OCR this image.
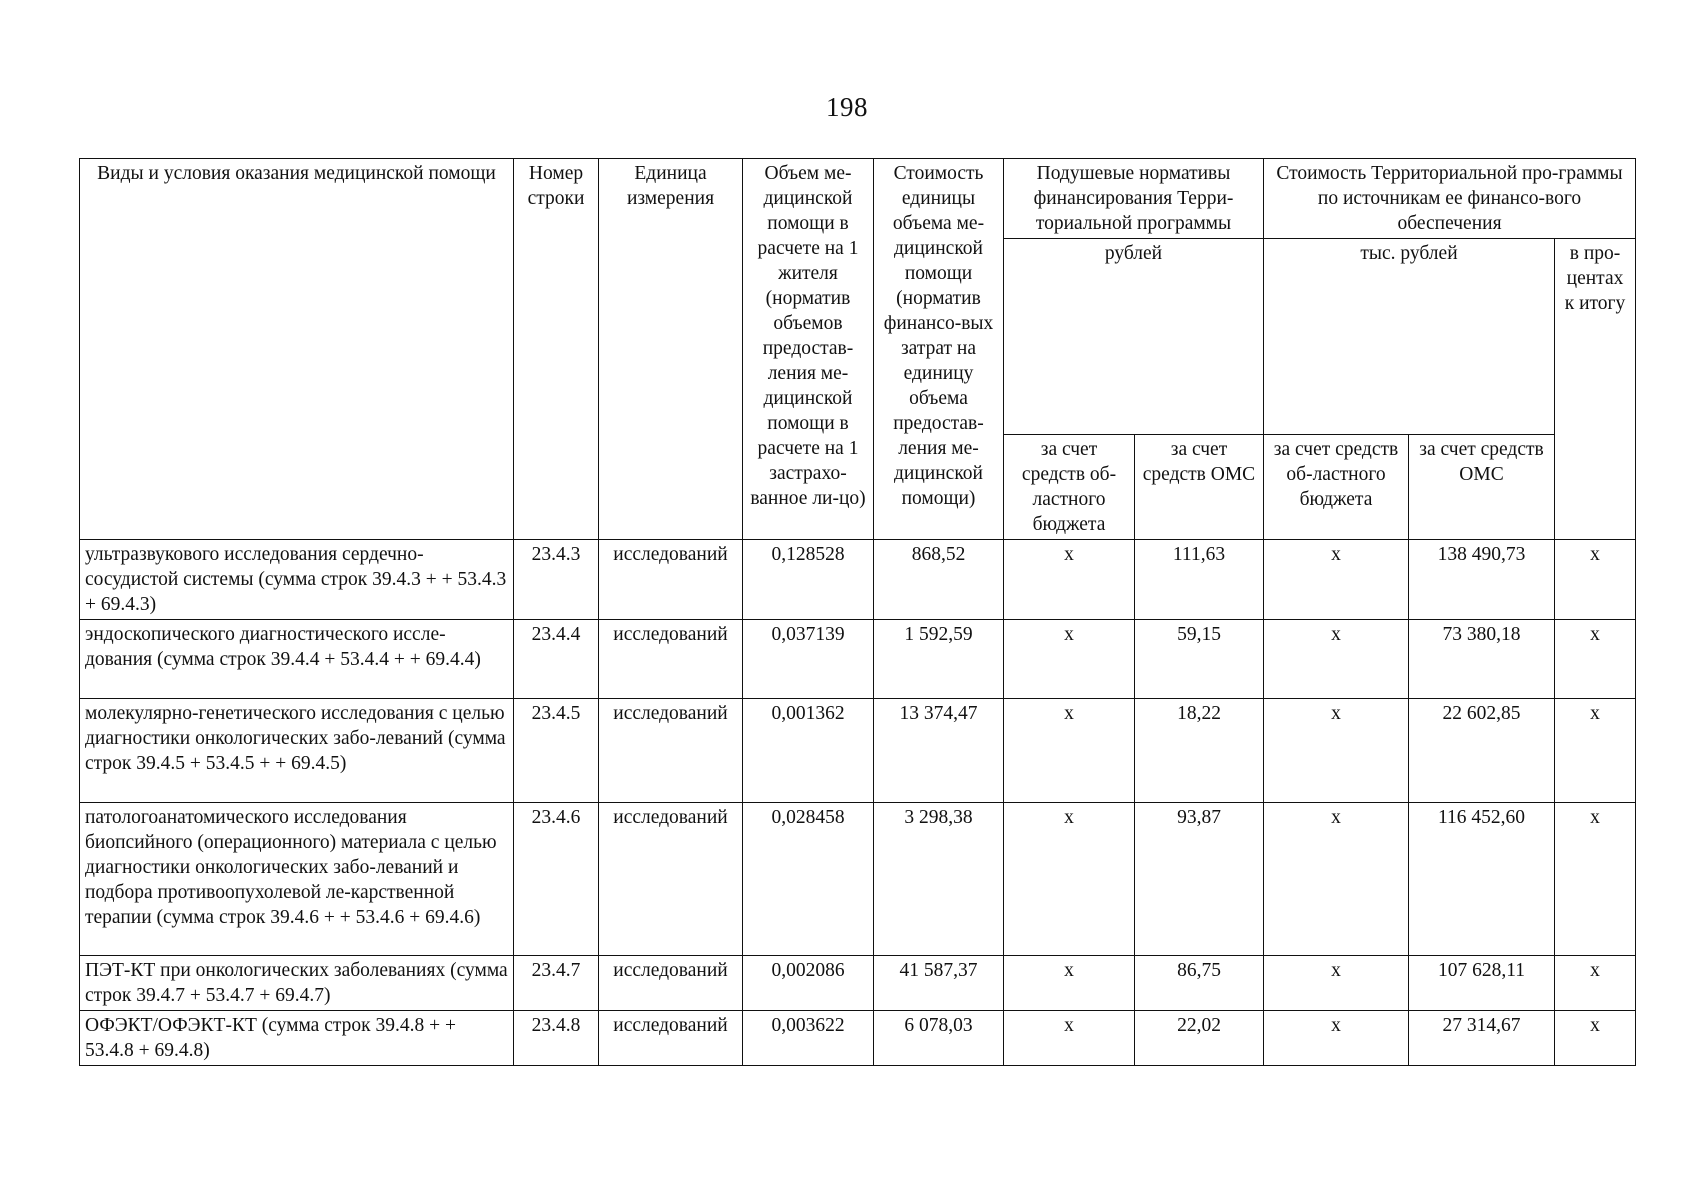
198
Виды и условия оказания медицинской помощи	Номер строки	Единица измерения	Объем ме-дицинской помощи в расчете на 1 жителя (норматив объемов предостав-ления ме-дицинской помощи в расчете на 1 застрахо-ванное ли-цо)	Стоимость единицы объема ме-дицинской помощи (норматив финансо-вых затрат на единицу объема предостав-ления ме-дицинской помощи)	Подушевые нормативы финансирования Терри-ториальной программы		Стоимость Территориальной про-граммы по источникам ее финансо-вого обеспечения		
					рублей		тыс. рублей		в про-центах к итогу
					за счет средств об-ластного бюджета	за счет средств ОМС	за счет средств об-ластного бюджета	за счет средств ОМС	
ультразвукового исследования сердечно-сосудистой системы (сумма строк 39.4.3 + + 53.4.3 + 69.4.3)	23.4.3	исследований	0,128528	868,52	х	111,63	х	138 490,73	х
эндоскопического диагностического иссле-дования (сумма строк 39.4.4 + 53.4.4 + + 69.4.4)	23.4.4	исследований	0,037139	1 592,59	х	59,15	х	73 380,18	х
молекулярно-генетического исследования с целью диагностики онкологических забо-леваний (сумма строк 39.4.5 + 53.4.5 + + 69.4.5)	23.4.5	исследований	0,001362	13 374,47	х	18,22	х	22 602,85	х
патологоанатомического исследования биопсийного (операционного) материала с целью диагностики онкологических забо-леваний и подбора противоопухолевой ле-карственной терапии (сумма строк 39.4.6 + + 53.4.6 + 69.4.6)	23.4.6	исследований	0,028458	3 298,38	х	93,87	х	116 452,60	х
ПЭТ-КТ при онкологических заболеваниях (сумма строк 39.4.7 + 53.4.7 + 69.4.7)	23.4.7	исследований	0,002086	41 587,37	х	86,75	х	107 628,11	х
ОФЭКТ/ОФЭКТ-КТ (сумма строк 39.4.8 + + 53.4.8 + 69.4.8)	23.4.8	исследований	0,003622	6 078,03	х	22,02	х	27 314,67	х
